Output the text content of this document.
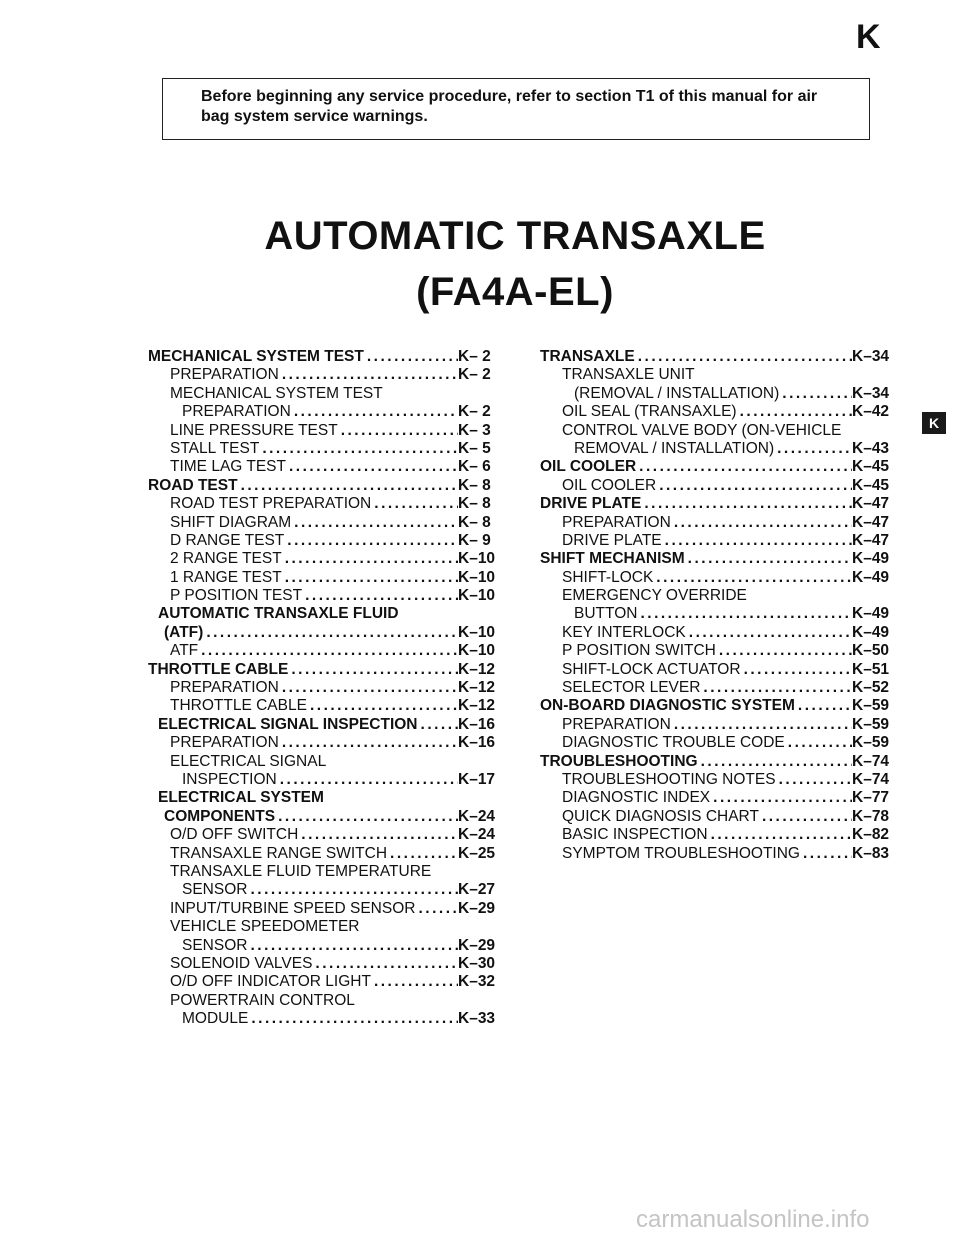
K
Before beginning any service procedure, refer to section T1 of this manual for air bag system service warnings.
AUTOMATIC TRANSAXLE
(FA4A-EL)
MECHANICAL SYSTEM TEST .....	K– 2
PREPARATION .....	K– 2
MECHANICAL SYSTEM TEST
PREPARATION .....	K– 2
LINE PRESSURE TEST .....	K– 3
STALL TEST .....	K– 5
TIME LAG TEST .....	K– 6
ROAD TEST .....	K– 8
ROAD TEST PREPARATION .....	K– 8
SHIFT DIAGRAM .....	K– 8
D RANGE TEST .....	K– 9
2 RANGE TEST .....	K–10
1 RANGE TEST .....	K–10
P POSITION TEST .....	K–10
AUTOMATIC TRANSAXLE FLUID
(ATF) .....	K–10
ATF .....	K–10
THROTTLE CABLE .....	K–12
PREPARATION .....	K–12
THROTTLE CABLE .....	K–12
ELECTRICAL SIGNAL INSPECTION .....	K–16
PREPARATION .....	K–16
ELECTRICAL SIGNAL
INSPECTION .....	K–17
ELECTRICAL SYSTEM
COMPONENTS .....	K–24
O/D OFF SWITCH .....	K–24
TRANSAXLE RANGE SWITCH .....	K–25
TRANSAXLE FLUID TEMPERATURE
SENSOR .....	K–27
INPUT/TURBINE SPEED SENSOR .....	K–29
VEHICLE SPEEDOMETER
SENSOR .....	K–29
SOLENOID VALVES .....	K–30
O/D OFF INDICATOR LIGHT .....	K–32
POWERTRAIN CONTROL
MODULE .....	K–33
TRANSAXLE .....	K–34
TRANSAXLE UNIT
(REMOVAL / INSTALLATION) .....	K–34
OIL SEAL (TRANSAXLE) .....	K–42
CONTROL VALVE BODY (ON-VEHICLE
REMOVAL / INSTALLATION) .....	K–43
OIL COOLER .....	K–45
OIL COOLER .....	K–45
DRIVE PLATE .....	K–47
PREPARATION .....	K–47
DRIVE PLATE .....	K–47
SHIFT MECHANISM .....	K–49
SHIFT-LOCK .....	K–49
EMERGENCY OVERRIDE
BUTTON .....	K–49
KEY INTERLOCK .....	K–49
P POSITION SWITCH .....	K–50
SHIFT-LOCK ACTUATOR .....	K–51
SELECTOR LEVER .....	K–52
ON-BOARD DIAGNOSTIC SYSTEM .....	K–59
PREPARATION .....	K–59
DIAGNOSTIC TROUBLE CODE .....	K–59
TROUBLESHOOTING .....	K–74
TROUBLESHOOTING NOTES .....	K–74
DIAGNOSTIC INDEX .....	K–77
QUICK DIAGNOSIS CHART .....	K–78
BASIC INSPECTION .....	K–82
SYMPTOM TROUBLESHOOTING .....	K–83
K
carmanualsonline.info
